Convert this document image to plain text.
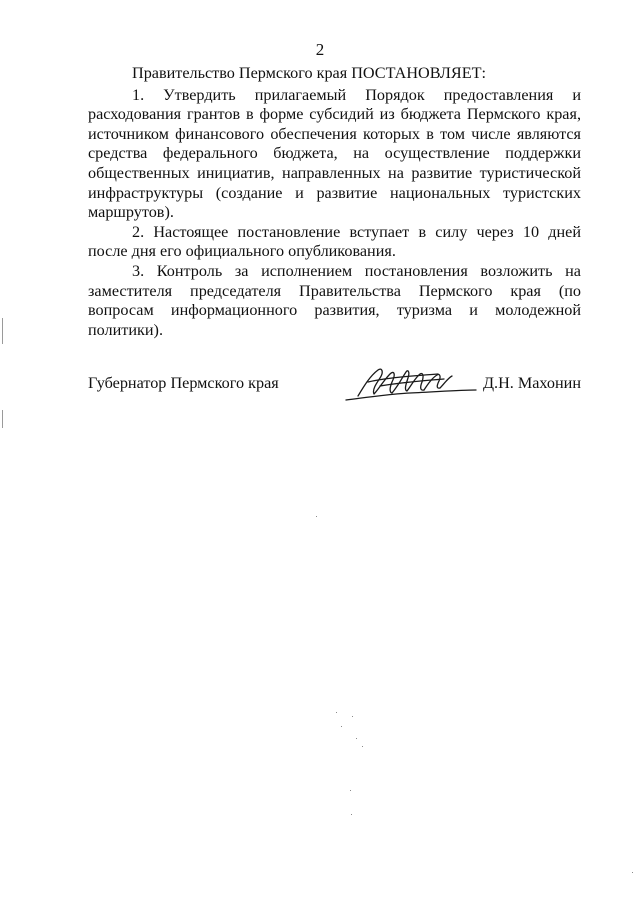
2

Правительство Пермского края ПОСТАНОВЛЯЕТ:

1. Утвердить прилагаемый Порядок предоставления и расходования грантов в форме субсидий из бюджета Пермского края, источником финансового обеспечения которых в том числе являются средства федерального бюджета, на осуществление поддержки общественных инициатив, направленных на развитие туристической инфраструктуры (создание и развитие национальных туристских маршрутов).

2. Настоящее постановление вступает в силу через 10 дней после дня его официального опубликования.

3. Контроль за исполнением постановления возложить на заместителя председателя Правительства Пермского края (по вопросам информационного развития, туризма и молодежной политики).

Губернатор Пермского края	Д.Н. Махонин
